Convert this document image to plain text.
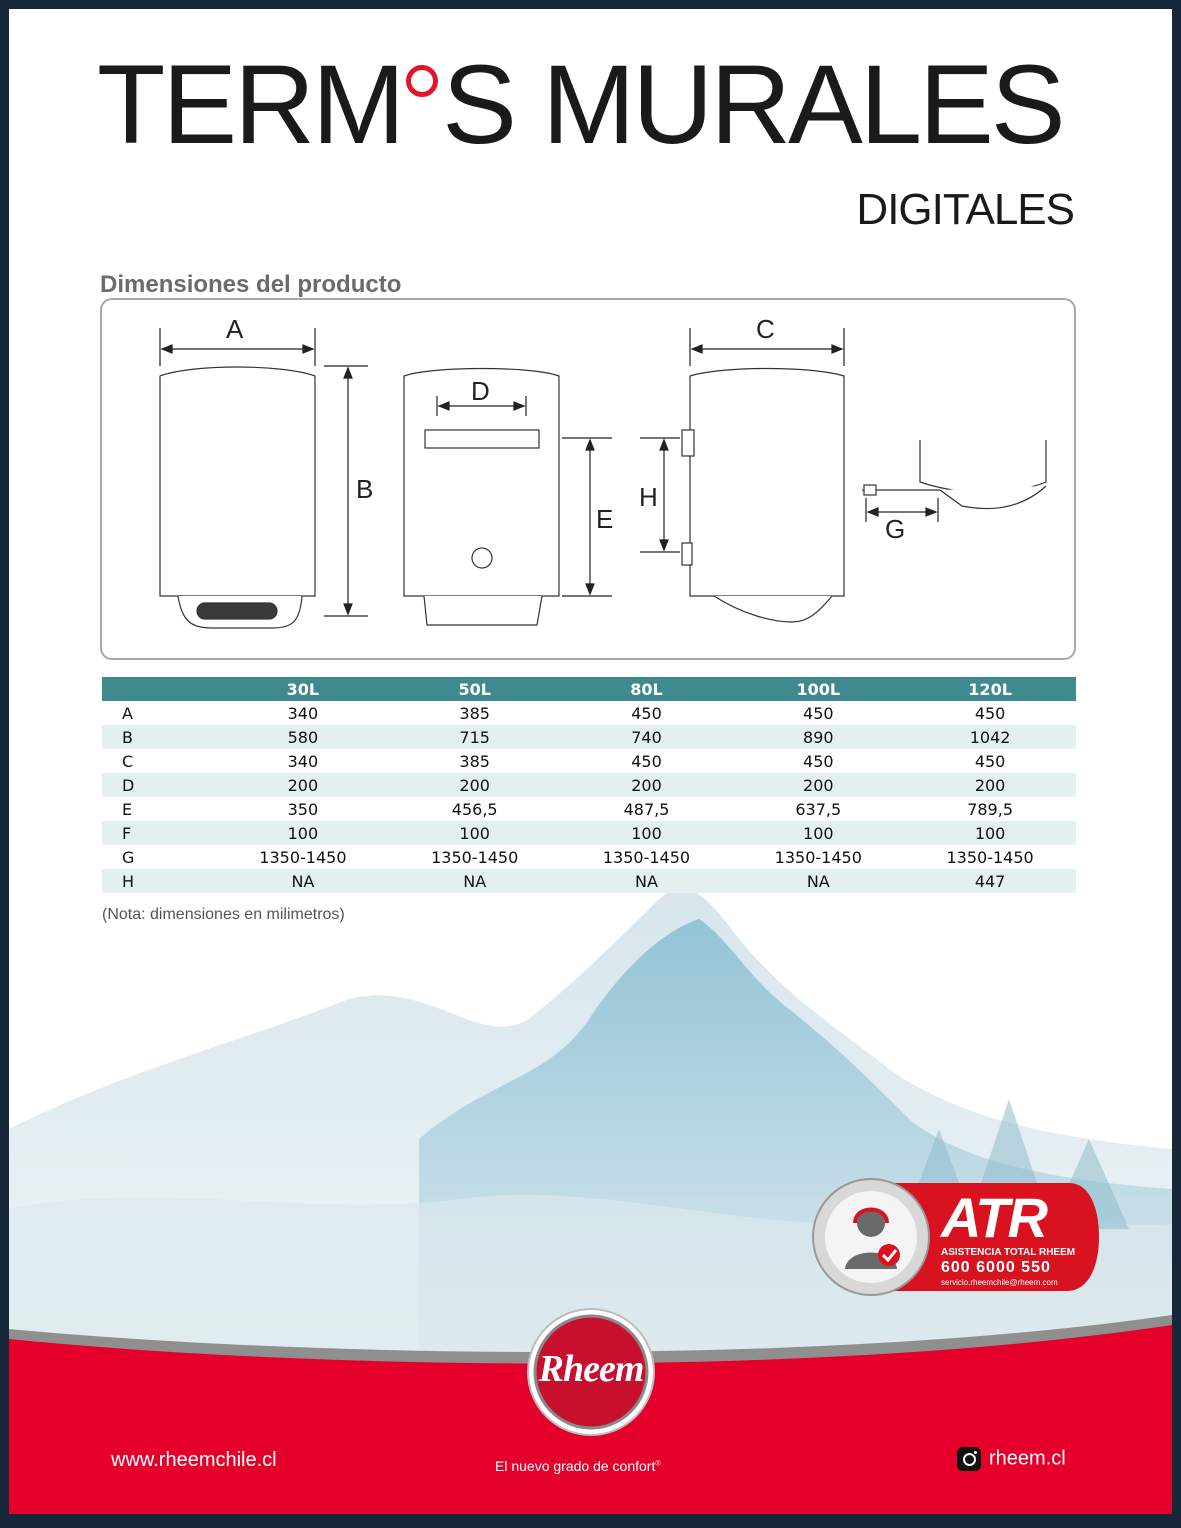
TERM S MURALES
DIGITALES
Dimensiones del producto
A
B
D
E
C
H
G
	30L	50L	80L	100L	120L
A	340	385	450	450	450
B	580	715	740	890	1042
C	340	385	450	450	450
D	200	200	200	200	200
E	350	456,5	487,5	637,5	789,5
F	100	100	100	100	100
G	1350-1450	1350-1450	1350-1450	1350-1450	1350-1450
H	NA	NA	NA	NA	447
(Nota: dimensiones en milimetros)
ATR
ASISTENCIA TOTAL RHEEM
600 6000 550
servicio.rheemchile@rheem.com
Rheem
www.rheemchile.cl	El nuevo grado de confort®	rheem.cl
